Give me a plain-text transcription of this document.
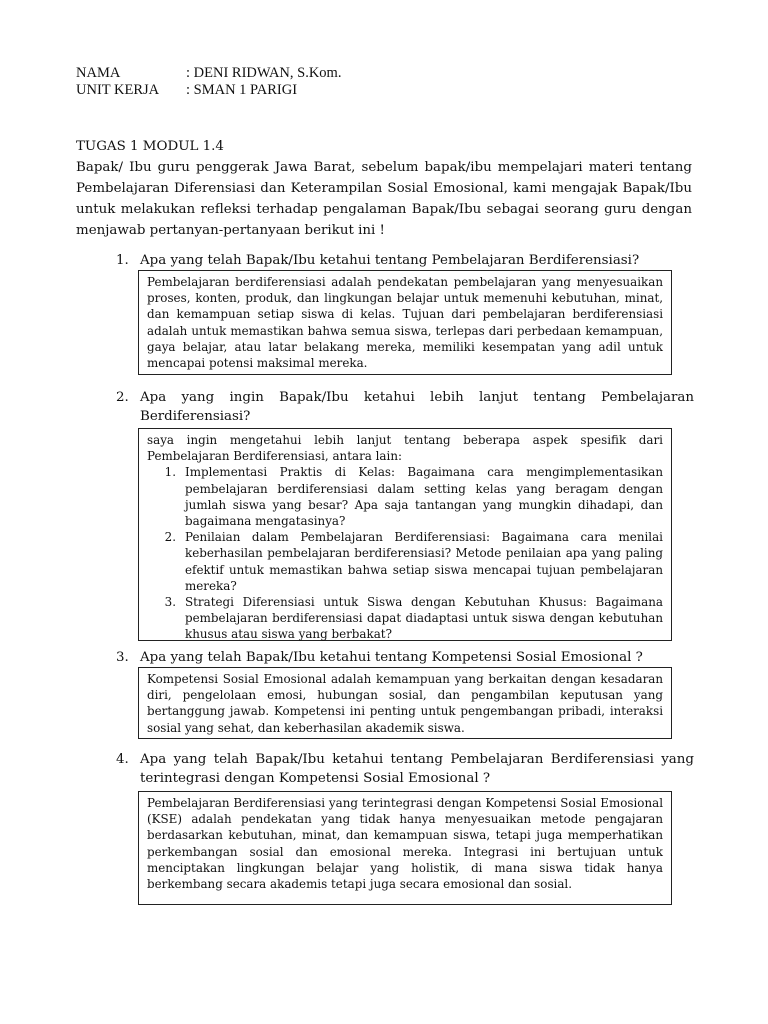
NAMA	: DENI RIDWAN, S.Kom.
UNIT KERJA	: SMAN 1 PARIGI
TUGAS 1 MODUL 1.4

Bapak/ Ibu guru penggerak Jawa Barat, sebelum bapak/ibu mempelajari materi tentang Pembelajaran Diferensiasi dan Keterampilan Sosial Emosional, kami mengajak Bapak/Ibu untuk melakukan refleksi terhadap pengalaman Bapak/Ibu sebagai seorang guru dengan menjawab pertanyan-pertanyaan berikut ini !

1. Apa yang telah Bapak/Ibu ketahui tentang Pembelajaran Berdiferensiasi?

Pembelajaran berdiferensiasi adalah pendekatan pembelajaran yang menyesuaikan proses, konten, produk, dan lingkungan belajar untuk memenuhi kebutuhan, minat, dan kemampuan setiap siswa di kelas. Tujuan dari pembelajaran berdiferensiasi adalah untuk memastikan bahwa semua siswa, terlepas dari perbedaan kemampuan, gaya belajar, atau latar belakang mereka, memiliki kesempatan yang adil untuk mencapai potensi maksimal mereka.

2. Apa yang ingin Bapak/Ibu ketahui lebih lanjut tentang Pembelajaran Berdiferensiasi?

saya ingin mengetahui lebih lanjut tentang beberapa aspek spesifik dari Pembelajaran Berdiferensiasi, antara lain:

1. Implementasi Praktis di Kelas: Bagaimana cara mengimplementasikan pembelajaran berdiferensiasi dalam setting kelas yang beragam dengan jumlah siswa yang besar? Apa saja tantangan yang mungkin dihadapi, dan bagaimana mengatasinya?
2. Penilaian dalam Pembelajaran Berdiferensiasi: Bagaimana cara menilai keberhasilan pembelajaran berdiferensiasi? Metode penilaian apa yang paling efektif untuk memastikan bahwa setiap siswa mencapai tujuan pembelajaran mereka?
3. Strategi Diferensiasi untuk Siswa dengan Kebutuhan Khusus: Bagaimana pembelajaran berdiferensiasi dapat diadaptasi untuk siswa dengan kebutuhan khusus atau siswa yang berbakat?
3. Apa yang telah Bapak/Ibu ketahui tentang Kompetensi Sosial Emosional ?

Kompetensi Sosial Emosional adalah kemampuan yang berkaitan dengan kesadaran diri, pengelolaan emosi, hubungan sosial, dan pengambilan keputusan yang bertanggung jawab. Kompetensi ini penting untuk pengembangan pribadi, interaksi sosial yang sehat, dan keberhasilan akademik siswa.

4. Apa yang telah Bapak/Ibu ketahui tentang Pembelajaran Berdiferensiasi yang terintegrasi dengan Kompetensi Sosial Emosional ?

Pembelajaran Berdiferensiasi yang terintegrasi dengan Kompetensi Sosial Emosional (KSE) adalah pendekatan yang tidak hanya menyesuaikan metode pengajaran berdasarkan kebutuhan, minat, dan kemampuan siswa, tetapi juga memperhatikan perkembangan sosial dan emosional mereka. Integrasi ini bertujuan untuk menciptakan lingkungan belajar yang holistik, di mana siswa tidak hanya berkembang secara akademis tetapi juga secara emosional dan sosial.
